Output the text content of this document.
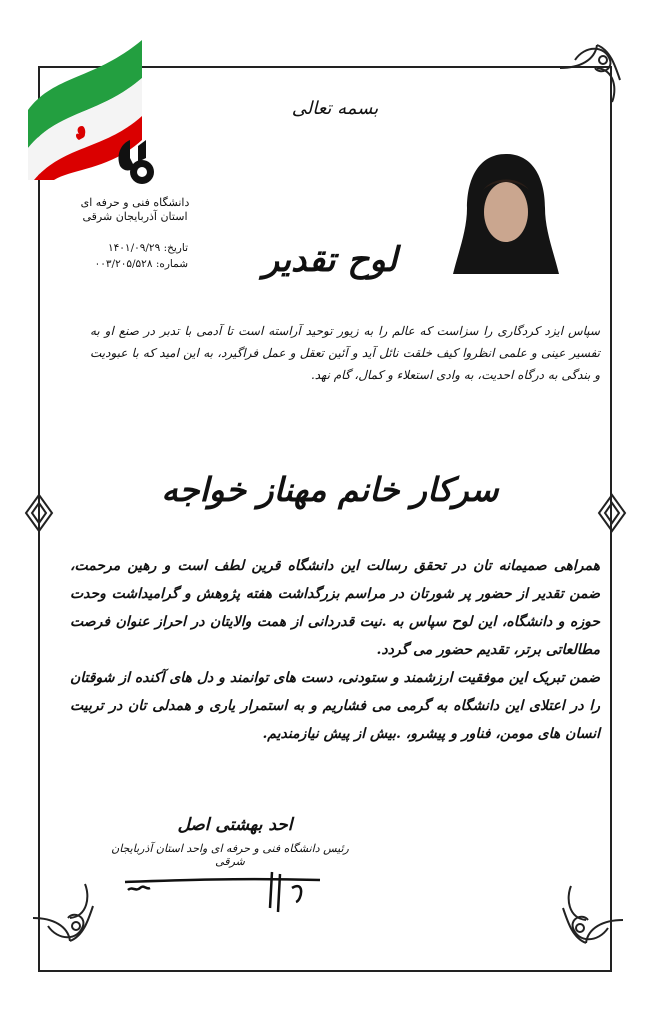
دانشگاه فنی و حرفه ای
استان آذربایجان شرقی
تاریخ: ۱۴۰۱/۰۹/۲۹
شماره: ۰۰۳/۲۰۵/۵۲۸
بسمه تعالی
لوح تقدیر
سپاس ایزد کردگاری را سزاست که عالم را به زیور توحید آراسته است تا آدمی با تدبر در صنع او به تفسیر عینی و علمی انظروا کیف خلقت نائل آید و آئین تعقل و عمل فراگیرد، به این امید که با عبودیت و بندگی به درگاه احدیت، به وادی استعلاء و کمال، گام نهد.
سرکار خانم مهناز خواجه

همراهی صمیمانه تان در تحقق رسالت این دانشگاه قرین لطف است و رهین مرحمت، ضمن تقدیر از حضور پر شورتان در مراسم بزرگداشت هفته پژوهش و گرامیداشت وحدت حوزه و دانشگاه، این لوح سپاس به .نیت قدردانی از همت والایتان در احراز عنوان فرصت مطالعاتی برتر، تقدیم حضور می گردد.

ضمن تبریک این موفقیت ارزشمند و ستودنی، دست های توانمند و دل های آکنده از شوقتان را در اعتلای این دانشگاه به گرمی می فشاریم و به استمرار یاری و همدلی تان در تربیت انسان های مومن، فناور و پیشرو، .بیش از پیش نیازمندیم.

احد بهشتی اصل
رئیس دانشگاه فنی و حرفه ای واحد استان آذربایجان شرقی
